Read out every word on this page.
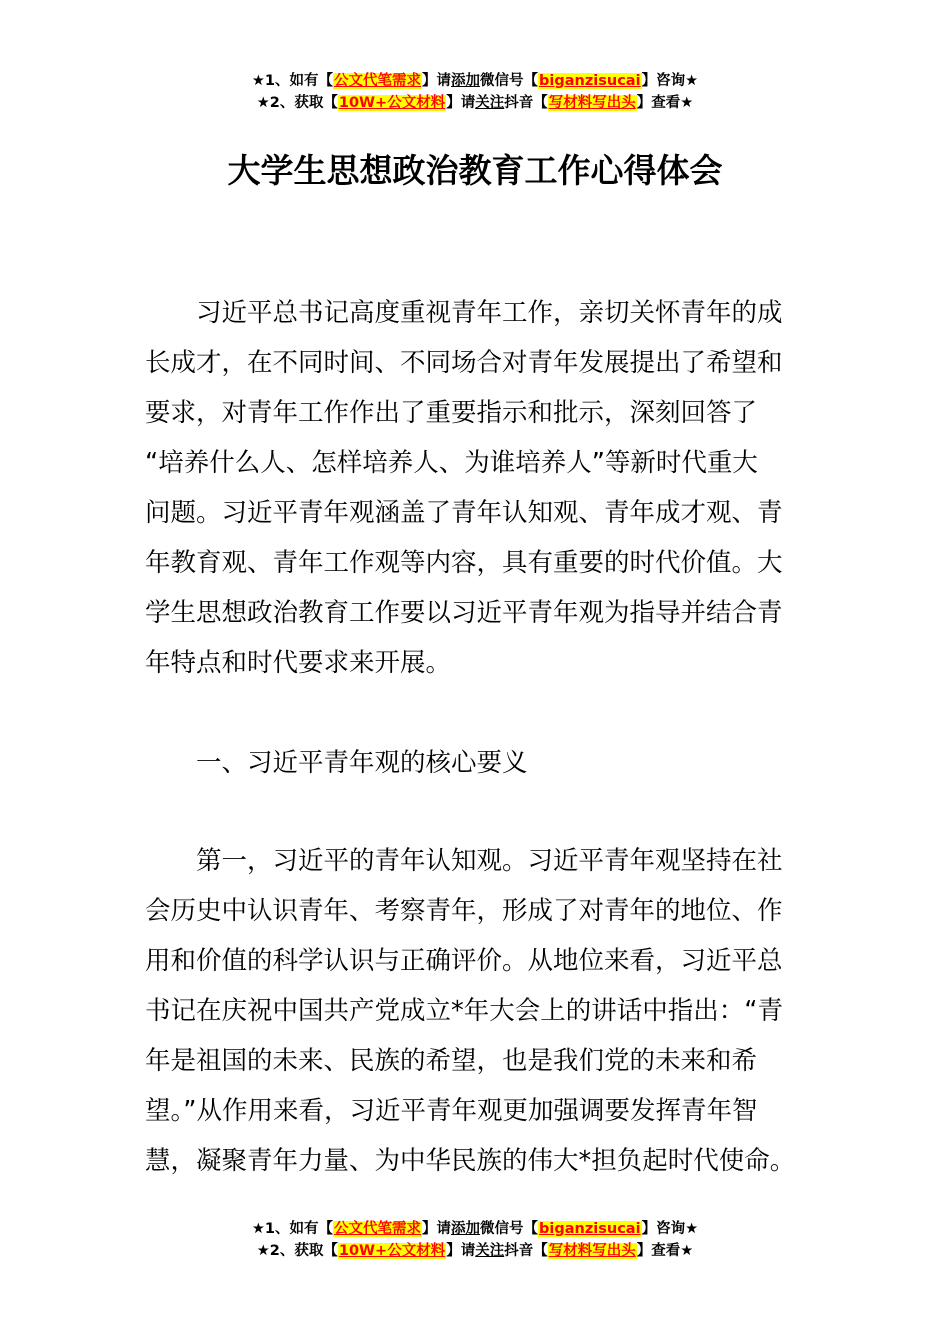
★1、如有【公文代笔需求】请添加微信号【biganzisucai】咨询★
★2、获取【10W+公文材料】请关注抖音【写材料写出头】查看★
大学生思想政治教育工作心得体会
习近平总书记高度重视青年工作，亲切关怀青年的成
长成才，在不同时间、不同场合对青年发展提出了希望和
要求，对青年工作作出了重要指示和批示，深刻回答了
“培养什么人、怎样培养人、为谁培养人”等新时代重大
问题。习近平青年观涵盖了青年认知观、青年成才观、青
年教育观、青年工作观等内容，具有重要的时代价值。大
学生思想政治教育工作要以习近平青年观为指导并结合青
年特点和时代要求来开展。
一、习近平青年观的核心要义
第一，习近平的青年认知观。习近平青年观坚持在社
会历史中认识青年、考察青年，形成了对青年的地位、作
用和价值的科学认识与正确评价。从地位来看，习近平总
书记在庆祝中国共产党成立*年大会上的讲话中指出：“青
年是祖国的未来、民族的希望，也是我们党的未来和希
望。”从作用来看，习近平青年观更加强调要发挥青年智
慧，凝聚青年力量、为中华民族的伟大*担负起时代使命。
★1、如有【公文代笔需求】请添加微信号【biganzisucai】咨询★
★2、获取【10W+公文材料】请关注抖音【写材料写出头】查看★
